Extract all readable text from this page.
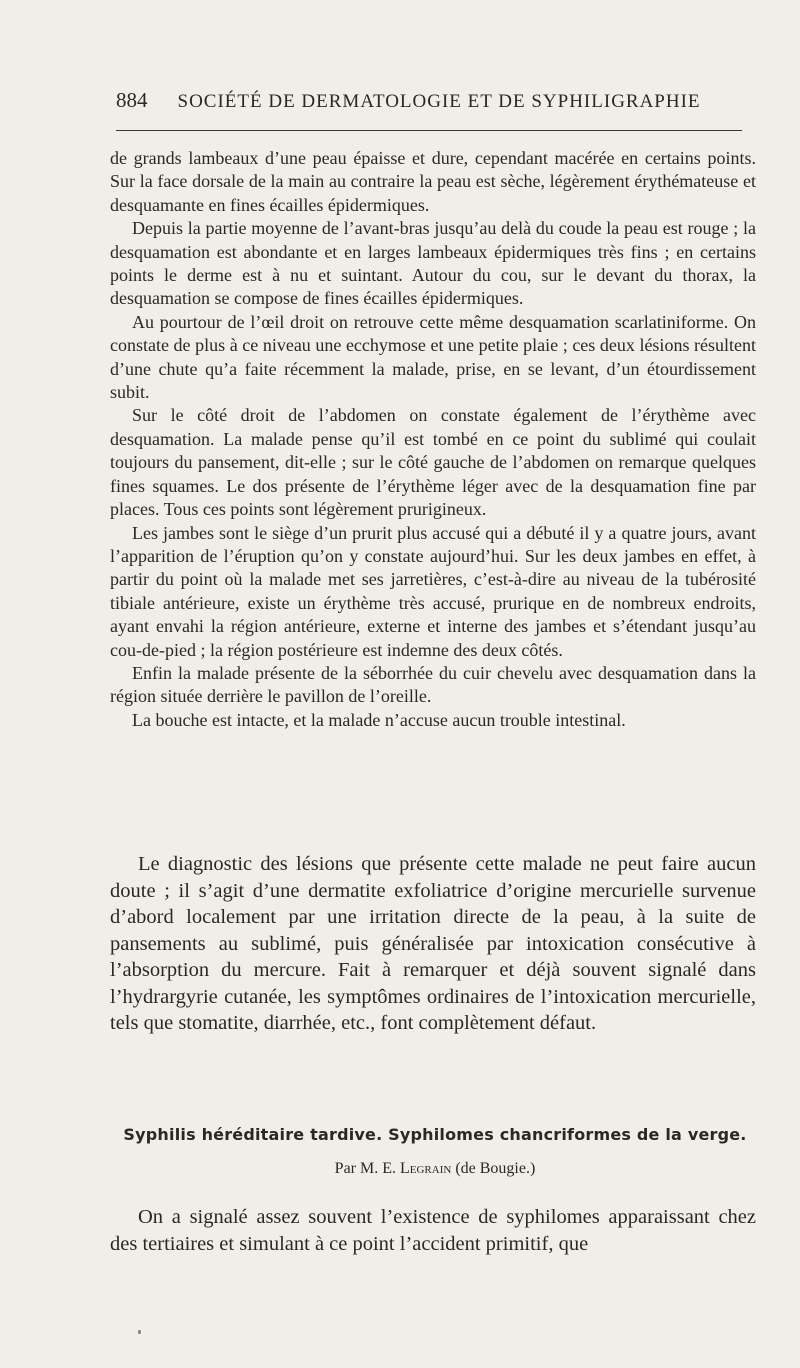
884 SOCIÉTÉ DE DERMATOLOGIE ET DE SYPHILIGRAPHIE

de grands lambeaux d’une peau épaisse et dure, cependant macérée en certains points. Sur la face dorsale de la main au contraire la peau est sèche, légèrement érythémateuse et desquamante en fines écailles épidermiques.

Depuis la partie moyenne de l’avant-bras jusqu’au delà du coude la peau est rouge ; la desquamation est abondante et en larges lambeaux épidermiques très fins ; en certains points le derme est à nu et suintant. Autour du cou, sur le devant du thorax, la desquamation se compose de fines écailles épidermiques.

Au pourtour de l’œil droit on retrouve cette même desquamation scarlatiniforme. On constate de plus à ce niveau une ecchymose et une petite plaie ; ces deux lésions résultent d’une chute qu’a faite récemment la malade, prise, en se levant, d’un étourdissement subit.

Sur le côté droit de l’abdomen on constate également de l’érythème avec desquamation. La malade pense qu’il est tombé en ce point du sublimé qui coulait toujours du pansement, dit-elle ; sur le côté gauche de l’abdomen on remarque quelques fines squames. Le dos présente de l’érythème léger avec de la desquamation fine par places. Tous ces points sont légèrement prurigineux.

Les jambes sont le siège d’un prurit plus accusé qui a débuté il y a quatre jours, avant l’apparition de l’éruption qu’on y constate aujourd’hui. Sur les deux jambes en effet, à partir du point où la malade met ses jarretières, c’est-à-dire au niveau de la tubérosité tibiale antérieure, existe un érythème très accusé, prurique en de nombreux endroits, ayant envahi la région antérieure, externe et interne des jambes et s’étendant jusqu’au cou-de-pied ; la région postérieure est indemne des deux côtés.

Enfin la malade présente de la séborrhée du cuir chevelu avec desquamation dans la région située derrière le pavillon de l’oreille.

La bouche est intacte, et la malade n’accuse aucun trouble intestinal.

Le diagnostic des lésions que présente cette malade ne peut faire aucun doute ; il s’agit d’une dermatite exfoliatrice d’origine mercurielle survenue d’abord localement par une irritation directe de la peau, à la suite de pansements au sublimé, puis généralisée par intoxication consécutive à l’absorption du mercure. Fait à remarquer et déjà souvent signalé dans l’hydrargyrie cutanée, les symptômes ordinaires de l’intoxication mercurielle, tels que stomatite, diarrhée, etc., font complètement défaut.

Syphilis héréditaire tardive. Syphilomes chancriformes de la verge.
Par M. E. Legrain (de Bougie.)

On a signalé assez souvent l’existence de syphilomes apparaissant chez des tertiaires et simulant à ce point l’accident primitif, que
